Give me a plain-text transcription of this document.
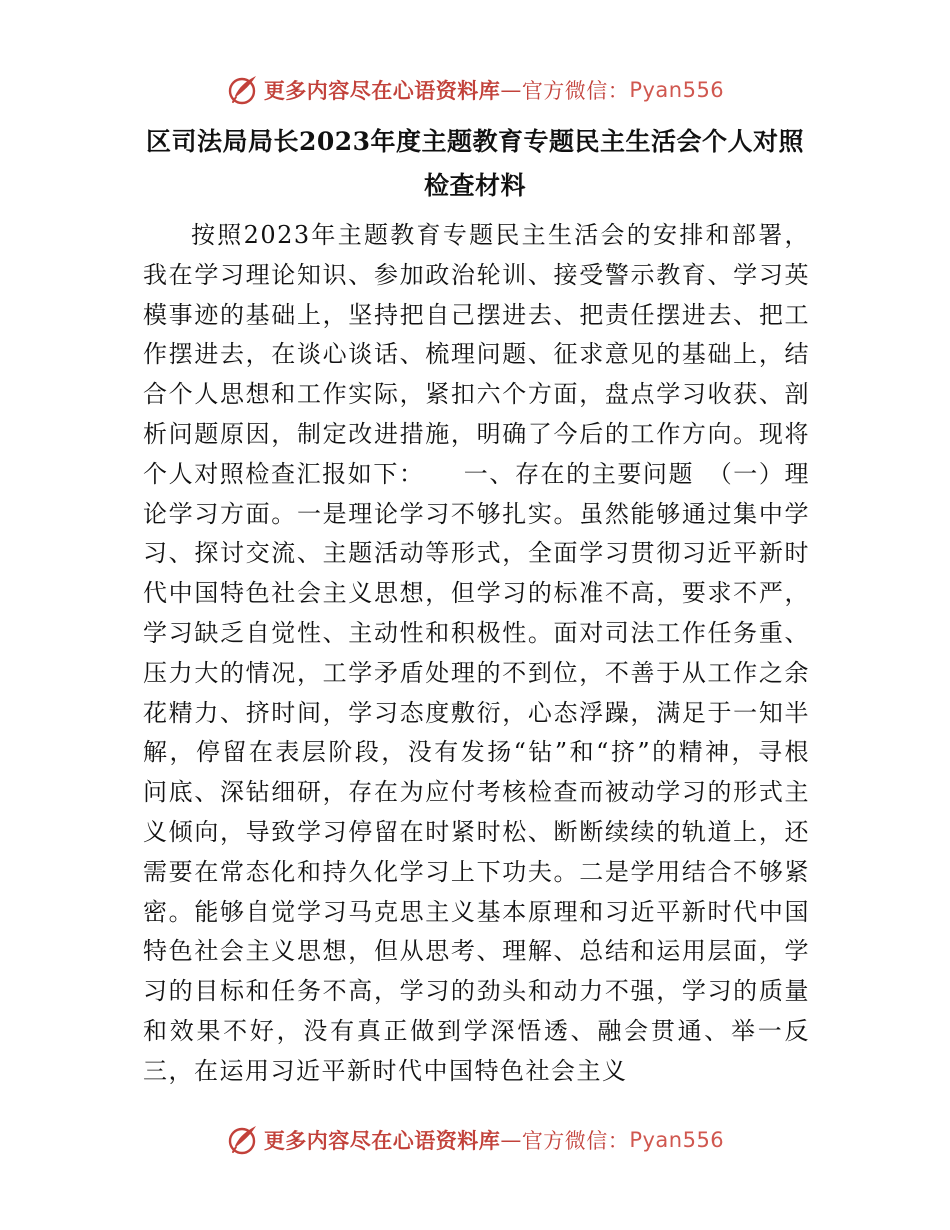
更多内容尽在心语资料库 — 官方微信： Pyan556
区司法局局长2023年度主题教育专题民主生活会个人对照检查材料

按照2023年主题教育专题民主生活会的安排和部署，我在学习理论知识、参加政治轮训、接受警示教育、学习英模事迹的基础上，坚持把自己摆进去、把责任摆进去、把工作摆进去，在谈心谈话、梳理问题、征求意见的基础上，结合个人思想和工作实际，紧扣六个方面，盘点学习收获、剖析问题原因，制定改进措施，明确了今后的工作方向。现将个人对照检查汇报如下：　　一、存在的主要问题　（一）理论学习方面。一是理论学习不够扎实。虽然能够通过集中学习、探讨交流、主题活动等形式，全面学习贯彻习近平新时代中国特色社会主义思想，但学习的标准不高，要求不严，学习缺乏自觉性、主动性和积极性。面对司法工作任务重、压力大的情况，工学矛盾处理的不到位，不善于从工作之余花精力、挤时间，学习态度敷衍，心态浮躁，满足于一知半解，停留在表层阶段，没有发扬“钻”和“挤”的精神，寻根问底、深钻细研，存在为应付考核检查而被动学习的形式主义倾向，导致学习停留在时紧时松、断断续续的轨道上，还需要在常态化和持久化学习上下功夫。二是学用结合不够紧密。能够自觉学习马克思主义基本原理和习近平新时代中国特色社会主义思想，但从思考、理解、总结和运用层面，学习的目标和任务不高，学习的劲头和动力不强，学习的质量和效果不好，没有真正做到学深悟透、融会贯通、举一反三，在运用习近平新时代中国特色社会主义

更多内容尽在心语资料库 — 官方微信： Pyan556
